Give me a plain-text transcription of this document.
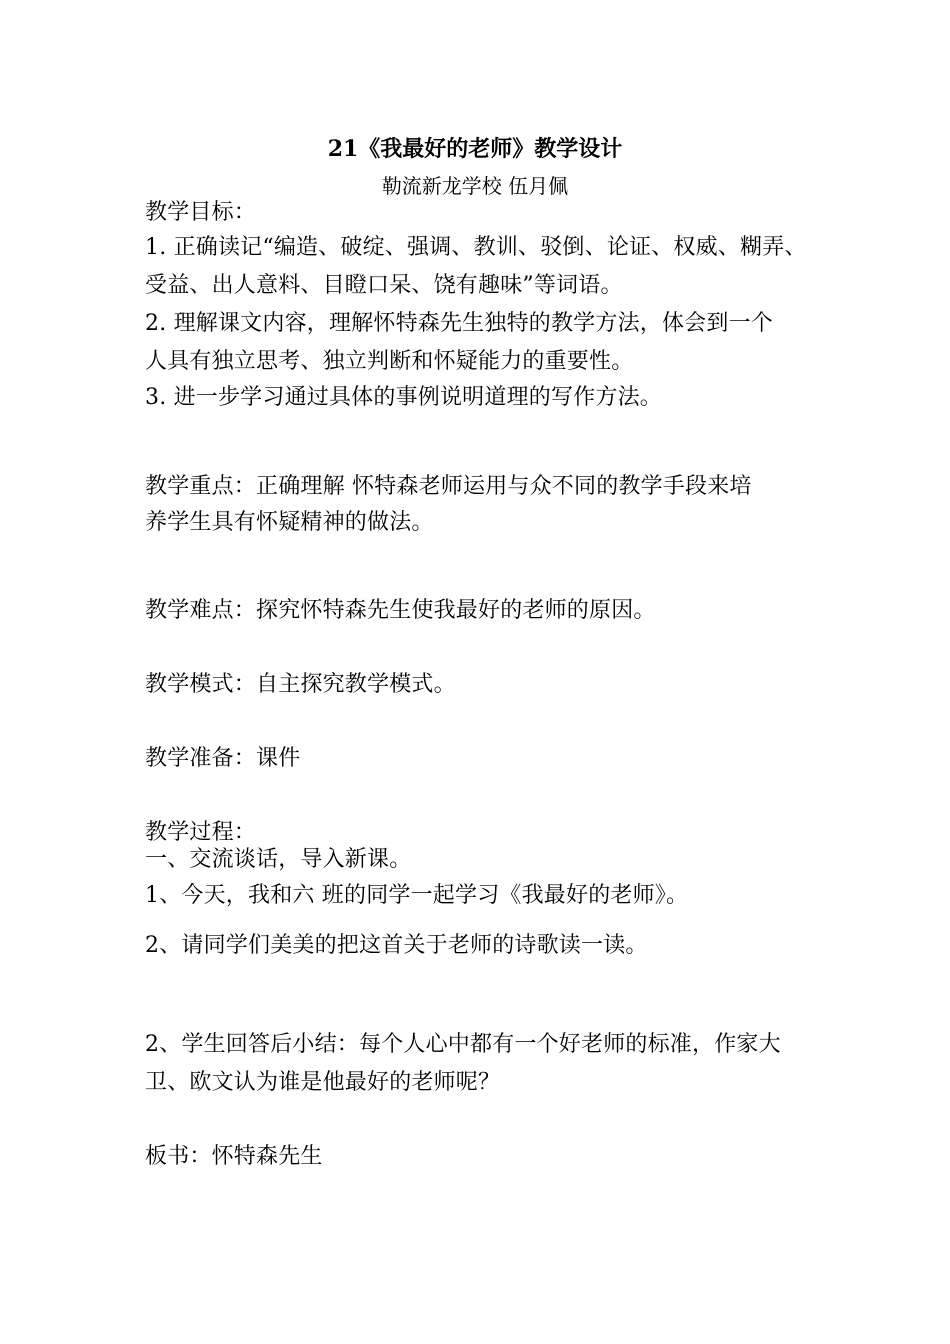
21《我最好的老师》教学设计
勒流新龙学校 伍月佩
教学目标：
1. 正确读记“编造、破绽、强调、教训、驳倒、论证、权威、糊弄、
受益、出人意料、目瞪口呆、饶有趣味”等词语。
2. 理解课文内容，理解怀特森先生独特的教学方法，体会到一个
人具有独立思考、独立判断和怀疑能力的重要性。
3. 进一步学习通过具体的事例说明道理的写作方法。
教学重点：正确理解 怀特森老师运用与众不同的教学手段来培
养学生具有怀疑精神的做法。
教学难点：探究怀特森先生使我最好的老师的原因。
教学模式：自主探究教学模式。
教学准备：课件
教学过程：
一、交流谈话，导入新课。
1、今天，我和六 班的同学一起学习《我最好的老师》。
2、请同学们美美的把这首关于老师的诗歌读一读。
2、学生回答后小结：每个人心中都有一个好老师的标准，作家大
卫、欧文认为谁是他最好的老师呢？
板书：怀特森先生
